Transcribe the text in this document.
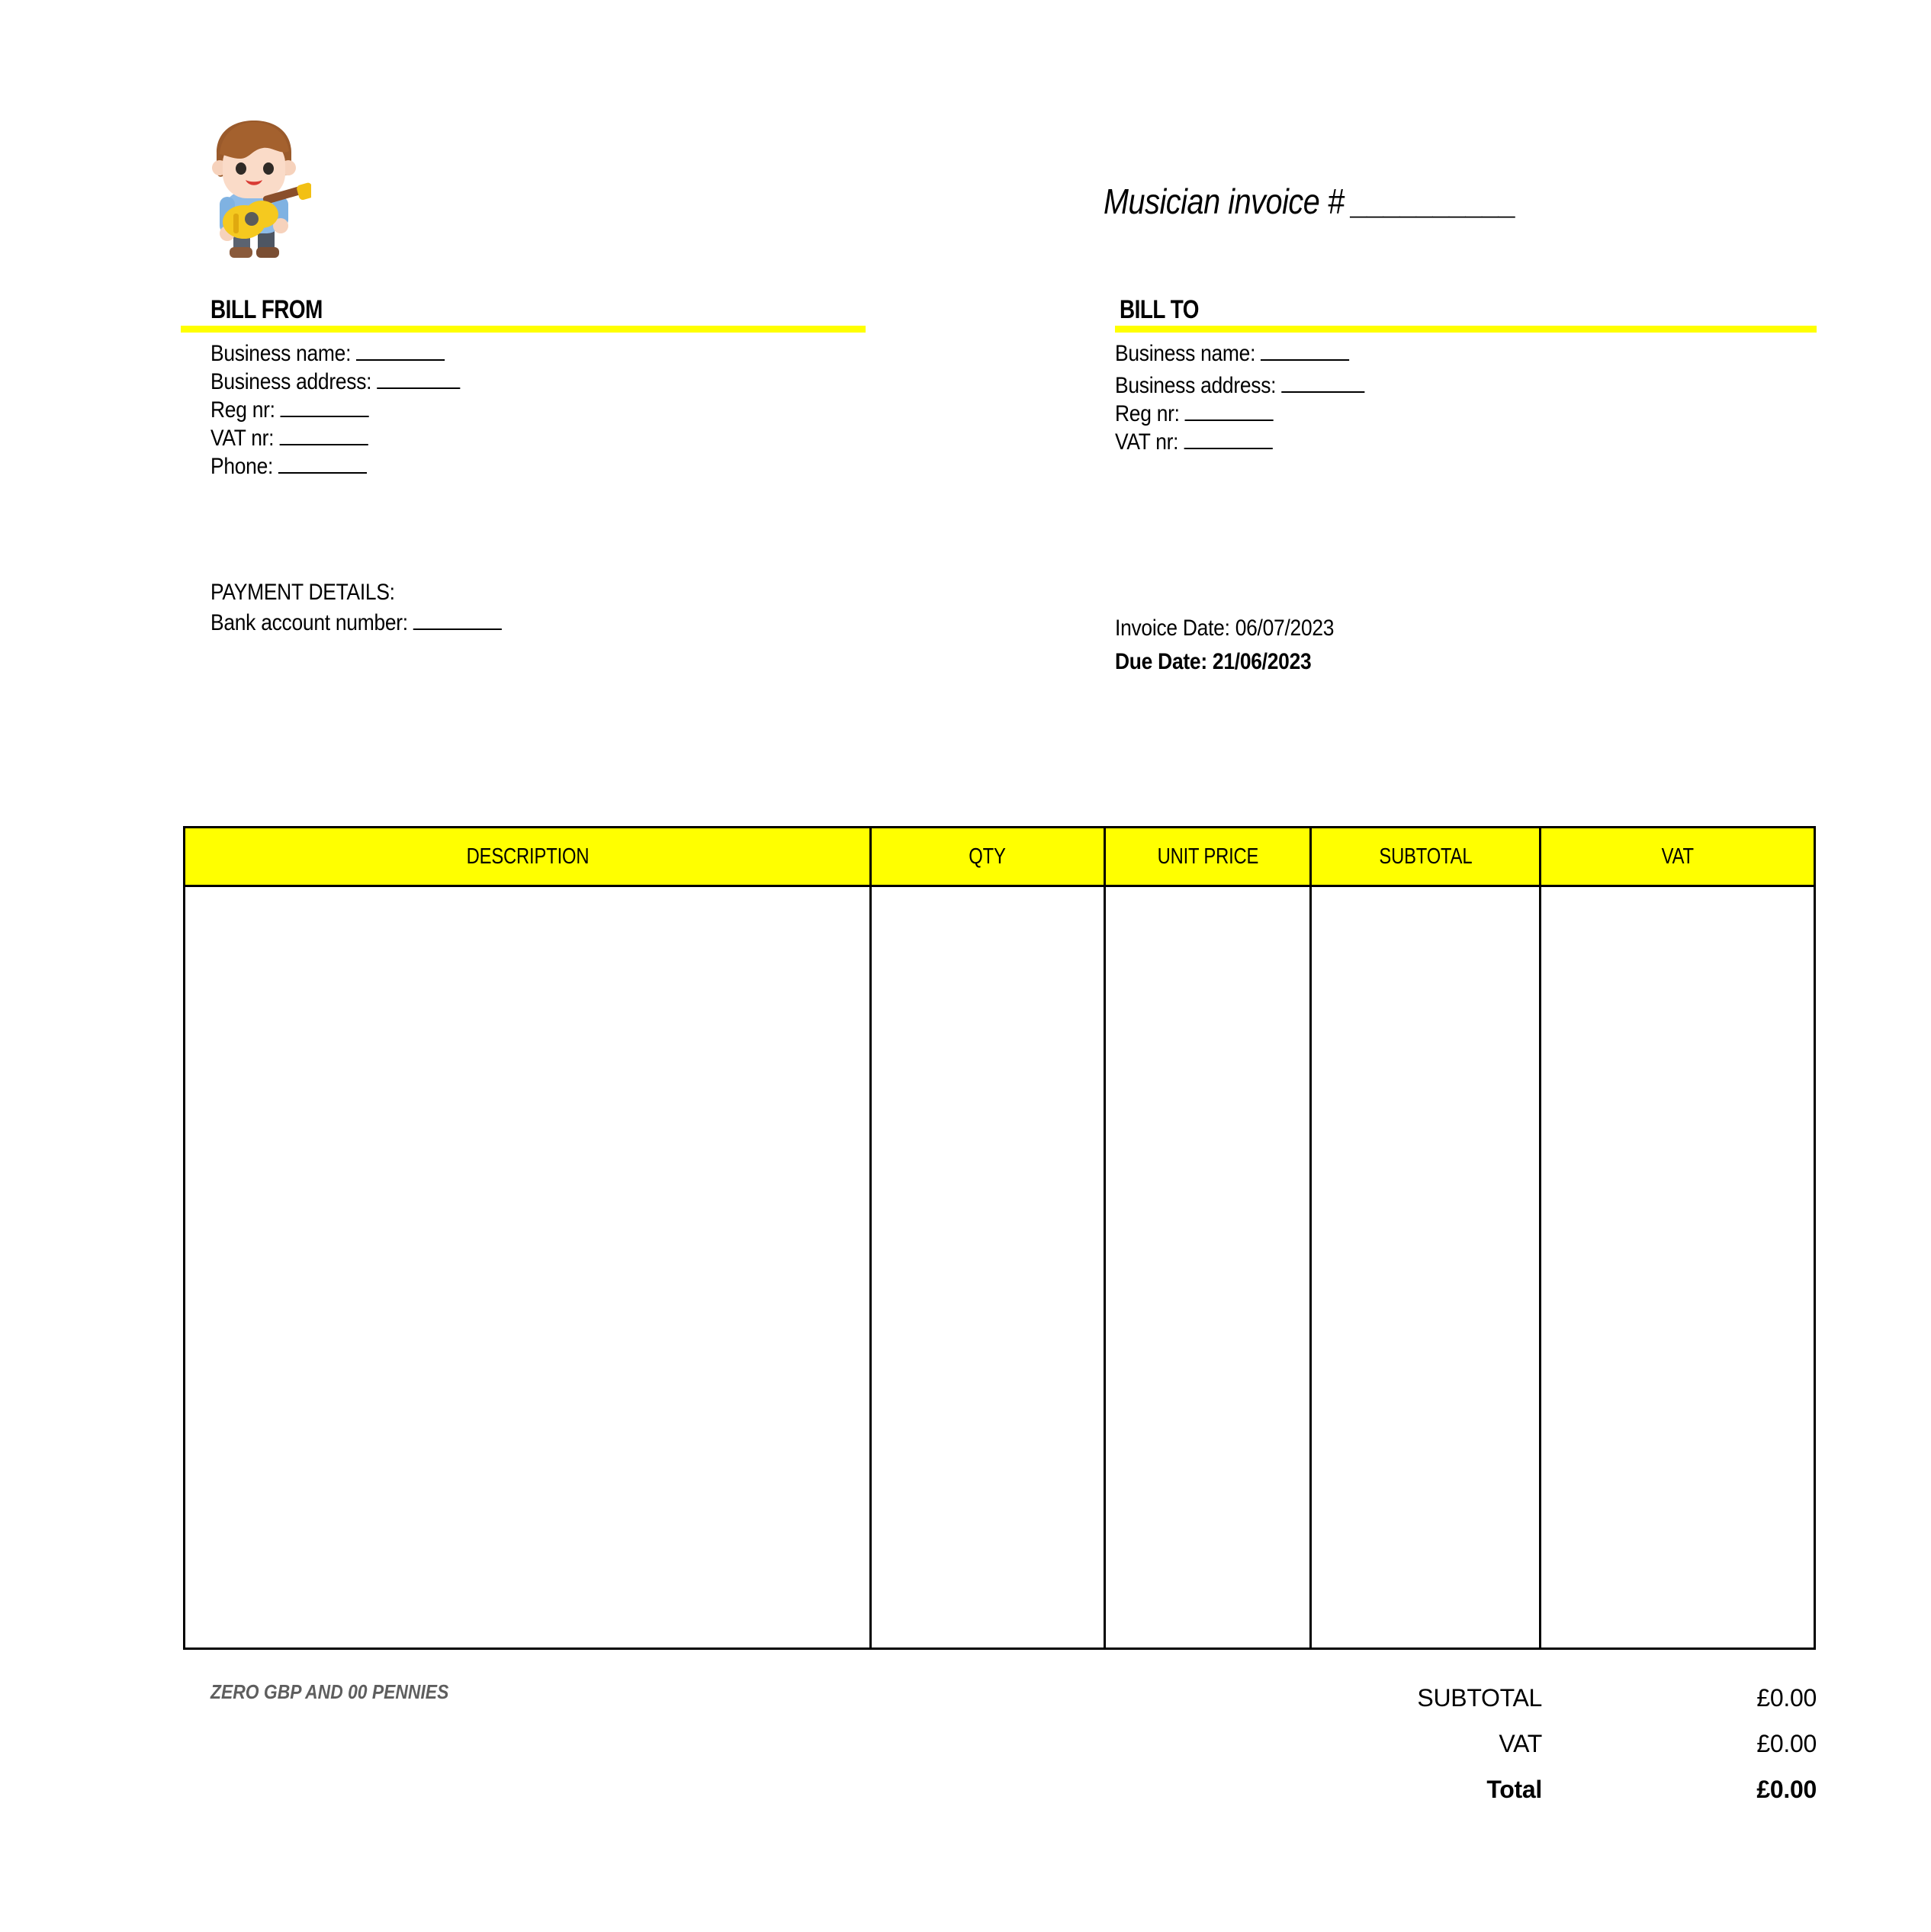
Musician invoice # __________
BILL FROM
Business name:
Business address:
Reg nr:
VAT nr:
Phone:
BILL TO
Business name:
Business address:
Reg nr:
VAT nr:
PAYMENT DETAILS:
Bank account number:	Invoice Date: 06/07/2023
Due Date: 21/06/2023
DESCRIPTION	QTY	UNIT PRICE	SUBTOTAL	VAT
ZERO GBP AND 00 PENNIES	SUBTOTAL	£0.00
VAT	£0.00
Total	£0.00
